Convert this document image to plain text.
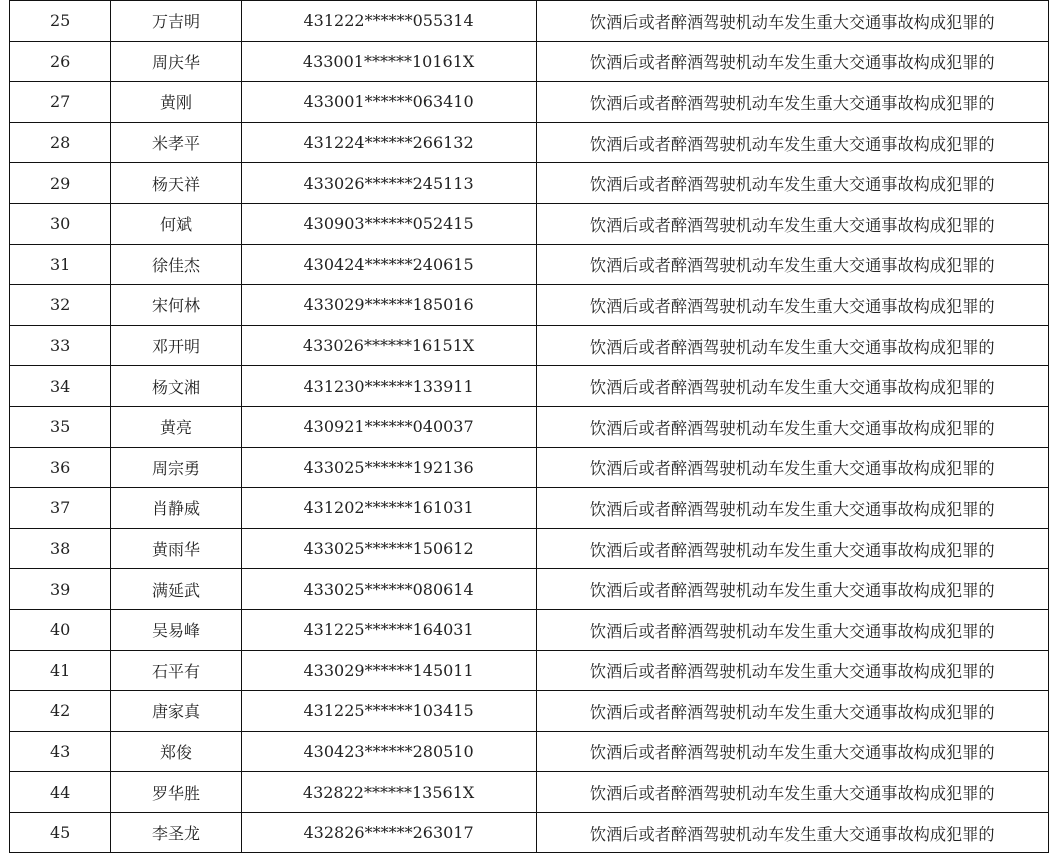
25	万吉明	431222******055314	饮酒后或者醉酒驾驶机动车发生重大交通事故构成犯罪的
26	周庆华	433001******10161X	饮酒后或者醉酒驾驶机动车发生重大交通事故构成犯罪的
27	黄刚	433001******063410	饮酒后或者醉酒驾驶机动车发生重大交通事故构成犯罪的
28	米孝平	431224******266132	饮酒后或者醉酒驾驶机动车发生重大交通事故构成犯罪的
29	杨天祥	433026******245113	饮酒后或者醉酒驾驶机动车发生重大交通事故构成犯罪的
30	何斌	430903******052415	饮酒后或者醉酒驾驶机动车发生重大交通事故构成犯罪的
31	徐佳杰	430424******240615	饮酒后或者醉酒驾驶机动车发生重大交通事故构成犯罪的
32	宋何林	433029******185016	饮酒后或者醉酒驾驶机动车发生重大交通事故构成犯罪的
33	邓开明	433026******16151X	饮酒后或者醉酒驾驶机动车发生重大交通事故构成犯罪的
34	杨文湘	431230******133911	饮酒后或者醉酒驾驶机动车发生重大交通事故构成犯罪的
35	黄亮	430921******040037	饮酒后或者醉酒驾驶机动车发生重大交通事故构成犯罪的
36	周宗勇	433025******192136	饮酒后或者醉酒驾驶机动车发生重大交通事故构成犯罪的
37	肖静威	431202******161031	饮酒后或者醉酒驾驶机动车发生重大交通事故构成犯罪的
38	黄雨华	433025******150612	饮酒后或者醉酒驾驶机动车发生重大交通事故构成犯罪的
39	满延武	433025******080614	饮酒后或者醉酒驾驶机动车发生重大交通事故构成犯罪的
40	吴易峰	431225******164031	饮酒后或者醉酒驾驶机动车发生重大交通事故构成犯罪的
41	石平有	433029******145011	饮酒后或者醉酒驾驶机动车发生重大交通事故构成犯罪的
42	唐家真	431225******103415	饮酒后或者醉酒驾驶机动车发生重大交通事故构成犯罪的
43	郑俊	430423******280510	饮酒后或者醉酒驾驶机动车发生重大交通事故构成犯罪的
44	罗华胜	432822******13561X	饮酒后或者醉酒驾驶机动车发生重大交通事故构成犯罪的
45	李圣龙	432826******263017	饮酒后或者醉酒驾驶机动车发生重大交通事故构成犯罪的
